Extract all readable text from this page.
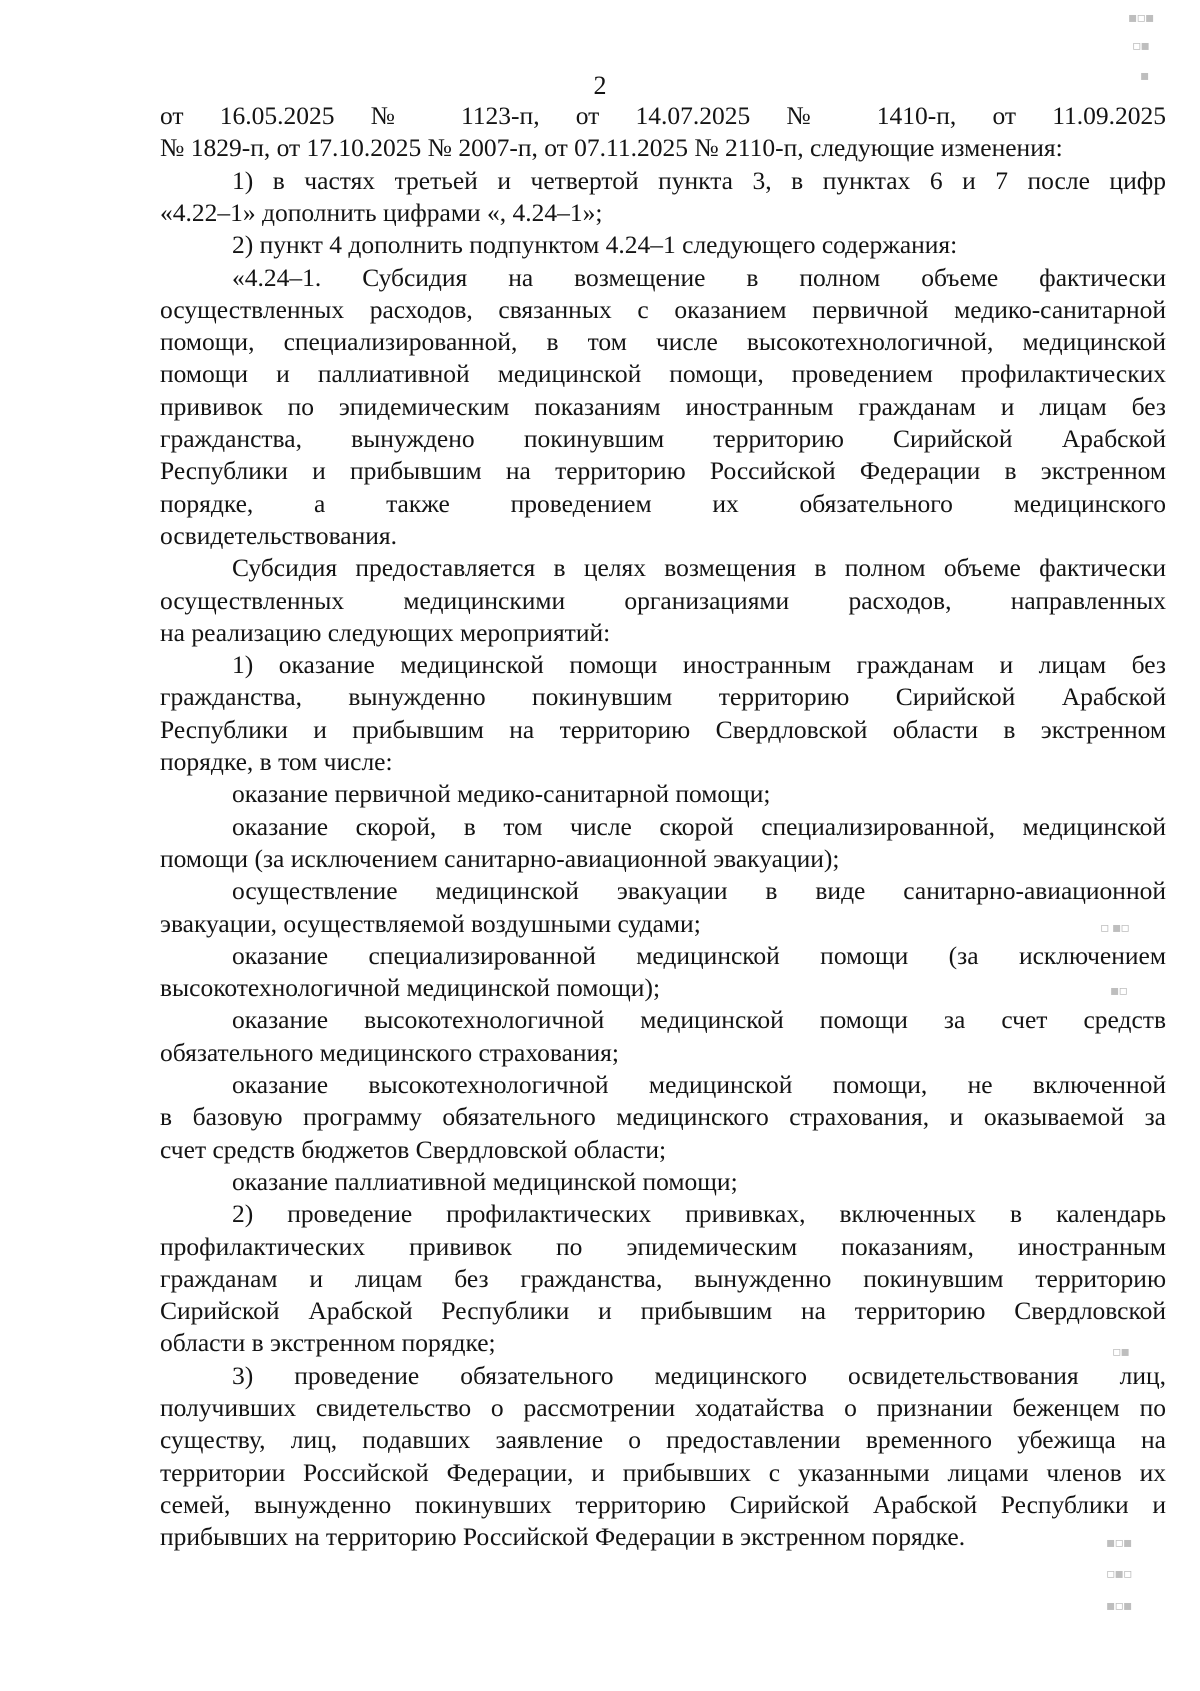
2
от 16.05.2025 № 1123-п, от 14.07.2025 № 1410-п, от 11.09.2025
№ 1829-п, от 17.10.2025 № 2007-п, от 07.11.2025 № 2110-п, следующие изменения:
1) в частях третьей и четвертой пункта 3, в пунктах 6 и 7 после цифр
«4.22–1» дополнить цифрами «, 4.24–1»;
2) пункт 4 дополнить подпунктом 4.24–1 следующего содержания:
«4.24–1. Субсидия на возмещение в полном объеме фактически
осуществленных расходов, связанных с оказанием первичной медико-санитарной
помощи, специализированной, в том числе высокотехнологичной, медицинской
помощи и паллиативной медицинской помощи, проведением профилактических
прививок по эпидемическим показаниям иностранным гражданам и лицам без
гражданства, вынуждено покинувшим территорию Сирийской Арабской
Республики и прибывшим на территорию Российской Федерации в экстренном
порядке, а также проведением их обязательного медицинского
освидетельствования.
Субсидия предоставляется в целях возмещения в полном объеме фактически
осуществленных медицинскими организациями расходов, направленных
на реализацию следующих мероприятий:
1) оказание медицинской помощи иностранным гражданам и лицам без
гражданства, вынужденно покинувшим территорию Сирийской Арабской
Республики и прибывшим на территорию Свердловской области в экстренном
порядке, в том числе:
оказание первичной медико-санитарной помощи;
оказание скорой, в том числе скорой специализированной, медицинской
помощи (за исключением санитарно-авиационной эвакуации);
осуществление медицинской эвакуации в виде санитарно-авиационной
эвакуации, осуществляемой воздушными судами;
оказание специализированной медицинской помощи (за исключением
высокотехнологичной медицинской помощи);
оказание высокотехнологичной медицинской помощи за счет средств
обязательного медицинского страхования;
оказание высокотехнологичной медицинской помощи, не включенной
в базовую программу обязательного медицинского страхования, и оказываемой за
счет средств бюджетов Свердловской области;
оказание паллиативной медицинской помощи;
2) проведение профилактических прививках, включенных в календарь
профилактических прививок по эпидемическим показаниям, иностранным
гражданам и лицам без гражданства, вынужденно покинувшим территорию
Сирийской Арабской Республики и прибывшим на территорию Свердловской
области в экстренном порядке;
3) проведение обязательного медицинского освидетельствования лиц,
получивших свидетельство о рассмотрении ходатайства о признании беженцем по
существу, лиц, подавших заявление о предоставлении временного убежища на
территории Российской Федерации, и прибывших с указанными лицами членов их
семей, вынужденно покинувших территорию Сирийской Арабской Республики и
прибывших на территорию Российской Федерации в экстренном порядке.
▪▫▪
▫▪
▪
▫ ▪▫
▪▫
▫▪
▪▫▪
▫▪▫
▪▫▪
